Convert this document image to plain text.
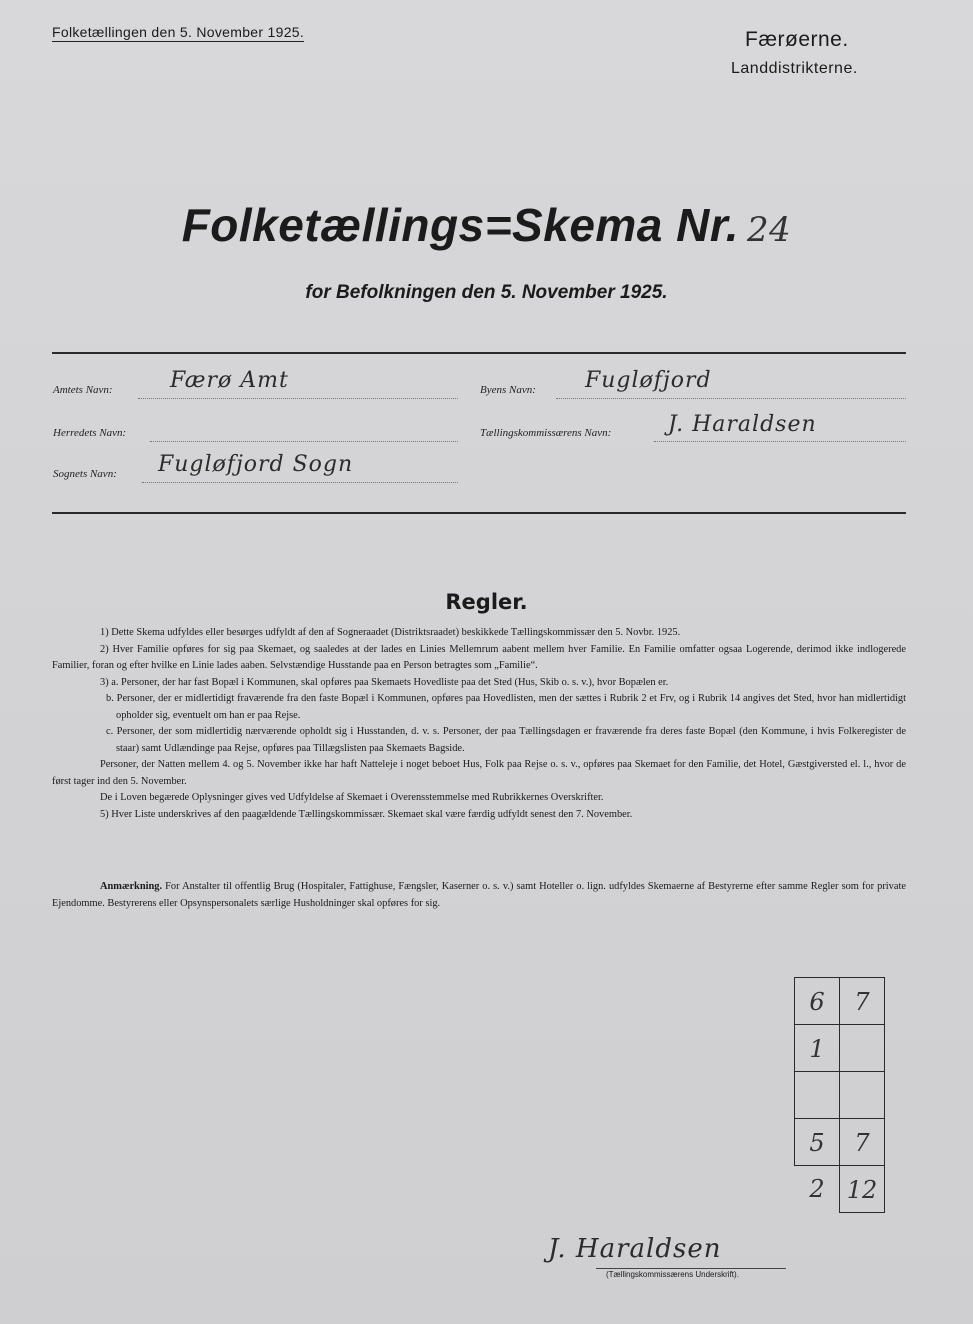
Folketællingen den 5. November 1925.	Færøerne.
Landdistrikterne.
Folketællings=Skema Nr. 24
for Befolkningen den 5. November 1925.
Amtets Navn:	Færø Amt	Byens Navn: Fugløfjord
Herredets Navn:	Tællingskommissærens Navn:	J. Haraldsen
Sognets Navn: Fugløfjord Sogn
Regler.

1) Dette Skema udfyldes eller besørges udfyldt af den af Sogneraadet (Distriktsraadet) beskikkede Tællingskommissær den 5. Novbr. 1925.

2) Hver Familie opføres for sig paa Skemaet, og saaledes at der lades en Linies Mellemrum aabent mellem hver Familie. En Familie omfatter ogsaa Logerende, derimod ikke indlogerede Familier, foran og efter hvilke en Linie lades aaben. Selvstændige Husstande paa en Person betragtes som „Familie“.

3) a. Personer, der har fast Bopæl i Kommunen, skal opføres paa Skemaets Hovedliste paa det Sted (Hus, Skib o. s. v.), hvor Bopælen er.

b. Personer, der er midlertidigt fraværende fra den faste Bopæl i Kommunen, opføres paa Hovedlisten, men der sættes i Rubrik 2 et Frv, og i Rubrik 14 angives det Sted, hvor han midlertidigt opholder sig, eventuelt om han er paa Rejse.

c. Personer, der som midlertidig nærværende opholdt sig i Husstanden, d. v. s. Personer, der paa Tællingsdagen er fraværende fra deres faste Bopæl (den Kommune, i hvis Folkeregister de staar) samt Udlændinge paa Rejse, opføres paa Tillægslisten paa Skemaets Bagside.

Personer, der Natten mellem 4. og 5. November ikke har haft Natteleje i noget beboet Hus, Folk paa Rejse o. s. v., opføres paa Skemaet for den Familie, det Hotel, Gæstgiversted el. l., hvor de først tager ind den 5. November.

De i Loven begærede Oplysninger gives ved Udfyldelse af Skemaet i Overensstemmelse med Rubrikkernes Overskrifter.

5) Hver Liste underskrives af den paagældende Tællingskommissær. Skemaet skal være færdig udfyldt senest den 7. November.

Anmærkning. For Anstalter til offentlig Brug (Hospitaler, Fattighuse, Fængsler, Kaserner o. s. v.) samt Hoteller o. lign. udfyldes Skemaerne af Bestyrerne efter samme Regler som for private Ejendomme. Bestyrerens eller Opsynspersonalets særlige Husholdninger skal opføres for sig.
6	7
1
5	7
2 12
J. Haraldsen
(Tællingskommissærens Underskrift).
